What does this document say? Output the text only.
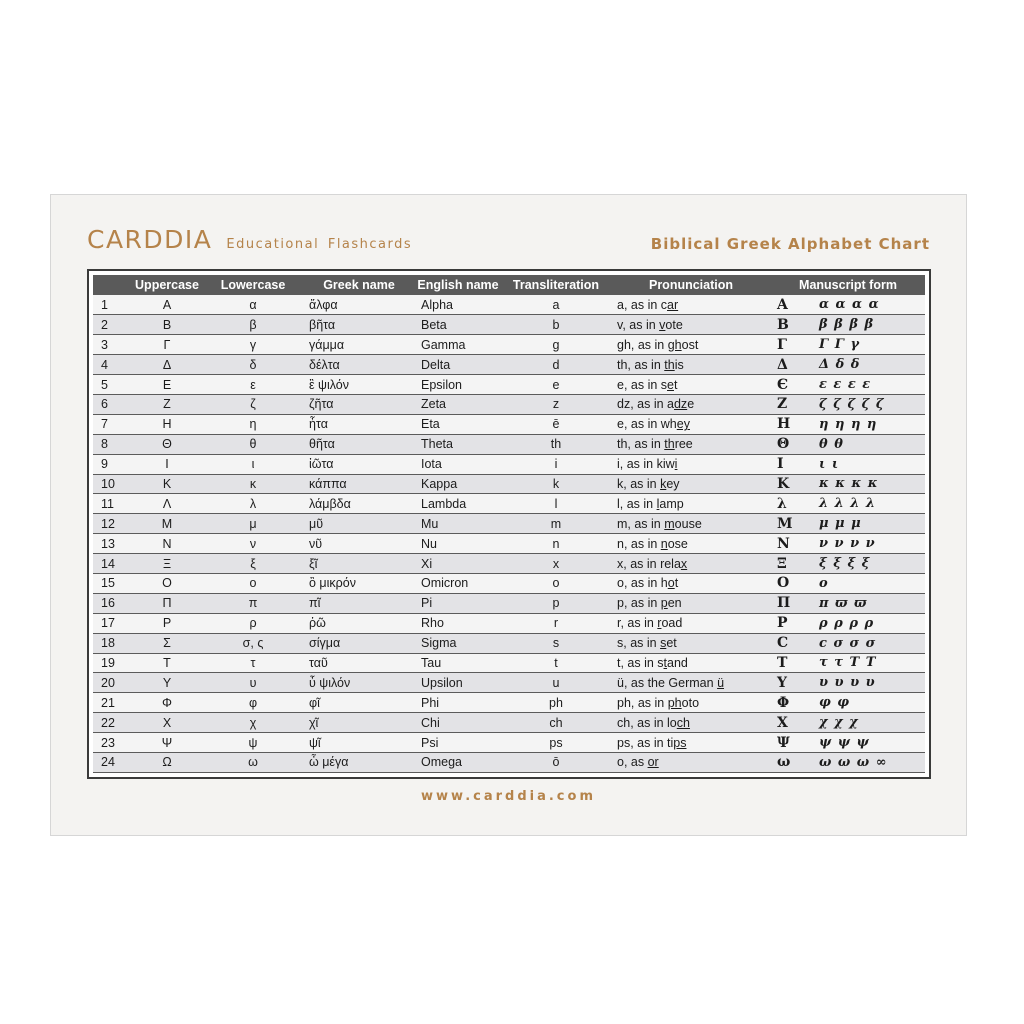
CARDDIA Educational Flashcards	Biblical Greek Alphabet Chart
	Uppercase	Lowercase	Greek name	English name	Transliteration	Pronunciation	Manuscript form	
1	Α	α	ἄλφα	Alpha	a	a, as in car	Α	α α α α
2	Β	β	βῆτα	Beta	b	v, as in vote	Β	β β β β
3	Γ	γ	γάμμα	Gamma	g	gh, as in ghost	Γ	Γ Γ γ
4	Δ	δ	δέλτα	Delta	d	th, as in this	Δ	Δ δ δ
5	Ε	ε	ἒ ψιλόν	Epsilon	e	e, as in set	Є	ε ε ε ε
6	Ζ	ζ	ζῆτα	Zeta	z	dz, as in adze	Ζ	ζ ζ ζ ζ ζ
7	Η	η	ἦτα	Eta	ē	e, as in whey	Η	η η η η
8	Θ	θ	θῆτα	Theta	th	th, as in three	Θ	θ θ
9	Ι	ι	ἰῶτα	Iota	i	i, as in kiwi	Ι	ι ι
10	Κ	κ	κάππα	Kappa	k	k, as in key	Κ	κ κ κ κ
11	Λ	λ	λάμβδα	Lambda	l	l, as in lamp	λ	λ λ λ λ
12	Μ	μ	μῦ	Mu	m	m, as in mouse	Μ	μ μ μ
13	Ν	ν	νῦ	Nu	n	n, as in nose	Ν	ν ν ν ν
14	Ξ	ξ	ξῖ	Xi	x	x, as in relax	Ξ	ξ ξ ξ ξ
15	Ο	ο	ὂ μικρόν	Omicron	o	o, as in hot	Ο	ο
16	Π	π	πῖ	Pi	p	p, as in pen	Π	π ϖ ϖ
17	Ρ	ρ	ῥῶ	Rho	r	r, as in road	Ρ	ρ ρ ρ ρ
18	Σ	σ, ς	σίγμα	Sigma	s	s, as in set	C	c σ σ σ
19	Τ	τ	ταῦ	Tau	t	t, as in stand	Τ	τ τ Τ Τ
20	Υ	υ	ὖ ψιλόν	Upsilon	u	ü, as the German ü	Υ	υ υ υ υ
21	Φ	φ	φῖ	Phi	ph	ph, as in photo	Φ	φ φ
22	Χ	χ	χῖ	Chi	ch	ch, as in loch	Χ	χ χ χ
23	Ψ	ψ	ψῖ	Psi	ps	ps, as in tips	Ψ	ψ ψ ψ
24	Ω	ω	ὦ μέγα	Omega	ō	o, as or	ω	ω ω ω ∞
www.carddia.com
